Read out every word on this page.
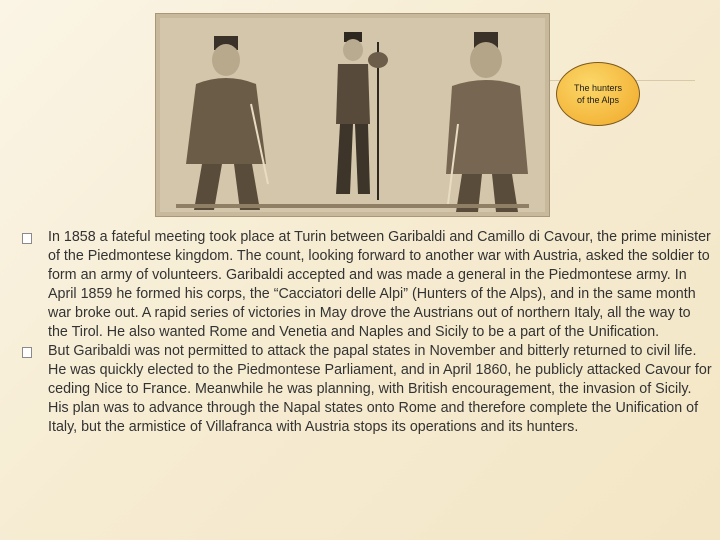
The hunters
of the Alps
In 1858 a fateful meeting took place at Turin between Garibaldi and Camillo di Cavour, the prime minister of the Piedmontese kingdom. The count, looking forward to another war with Austria, asked the soldier to form an army of volunteers. Garibaldi accepted and was made a general in the Piedmontese army. In April 1859 he formed his corps, the “Cacciatori delle Alpi” (Hunters of the Alps), and in the same month war broke out. A rapid series of victories in May drove the Austrians out of northern Italy, all the way to the Tirol. He also wanted Rome and Venetia and Naples and Sicily to be a part of the Unification.
But Garibaldi was not permitted to attack the papal states in November and bitterly returned to civil life. He was quickly elected to the Piedmontese Parliament, and in April 1860, he publicly attacked Cavour for ceding Nice to France. Meanwhile he was planning, with British encouragement, the invasion of Sicily. His plan was to advance through the Napal states onto Rome and therefore complete the Unification of Italy, but the armistice of Villafranca with Austria stops its operations and its hunters.
